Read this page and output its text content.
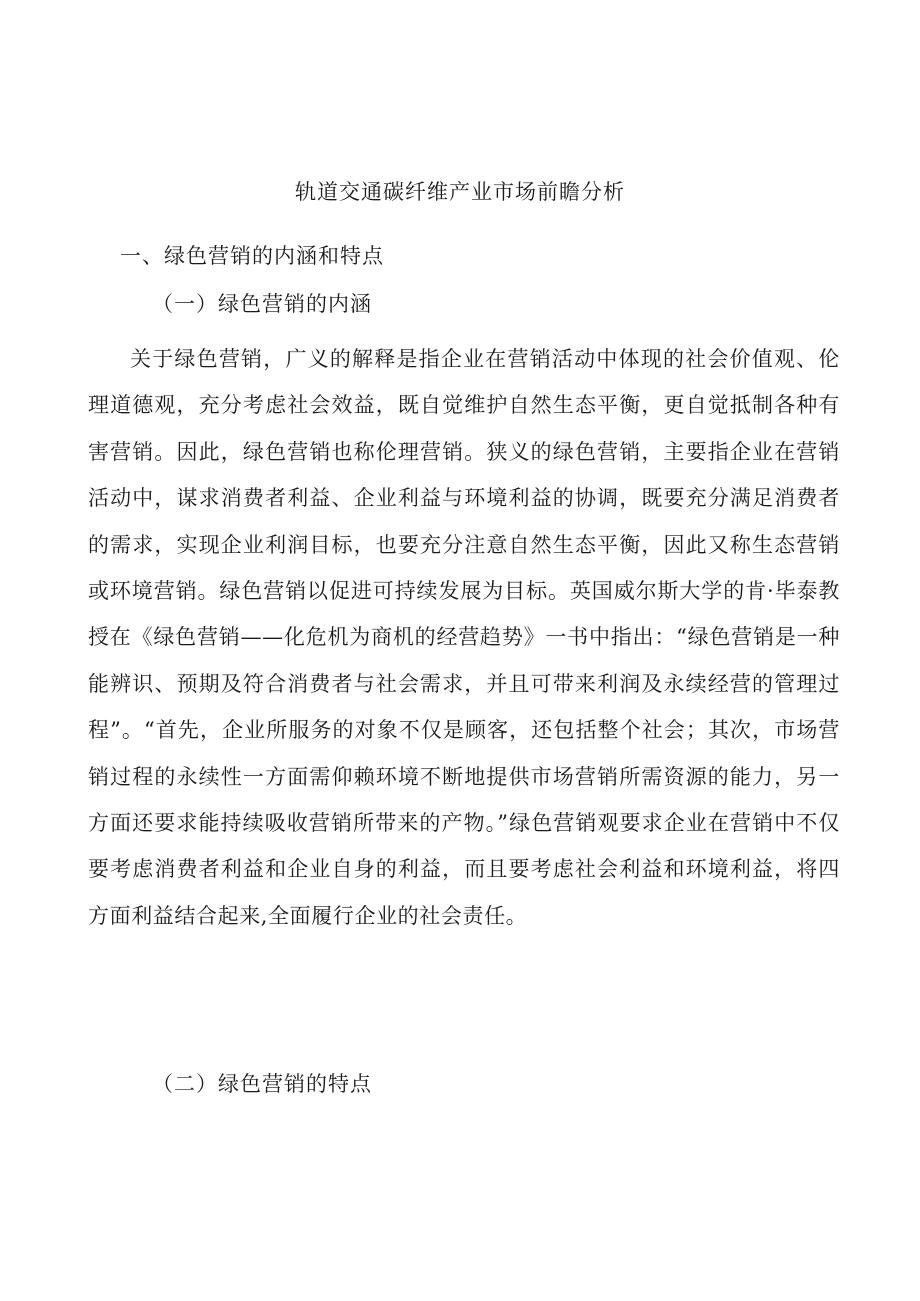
轨道交通碳纤维产业市场前瞻分析
一、绿色营销的内涵和特点
（一）绿色营销的内涵

关于绿色营销，广义的解释是指企业在营销活动中体现的社会价值观、伦理道德观，充分考虑社会效益，既自觉维护自然生态平衡，更自觉抵制各种有害营销。因此，绿色营销也称伦理营销。狭义的绿色营销，主要指企业在营销活动中，谋求消费者利益、企业利益与环境利益的协调，既要充分满足消费者的需求，实现企业利润目标，也要充分注意自然生态平衡，因此又称生态营销或环境营销。绿色营销以促进可持续发展为目标。英国威尔斯大学的肯·毕泰教授在《绿色营销——化危机为商机的经营趋势》一书中指出：“绿色营销是一种能辨识、预期及符合消费者与社会需求，并且可带来利润及永续经营的管理过程”。“首先，企业所服务的对象不仅是顾客，还包括整个社会；其次，市场营销过程的永续性一方面需仰赖环境不断地提供市场营销所需资源的能力，另一方面还要求能持续吸收营销所带来的产物。”绿色营销观要求企业在营销中不仅要考虑消费者利益和企业自身的利益，而且要考虑社会利益和环境利益，将四方面利益结合起来,全面履行企业的社会责任。

（二）绿色营销的特点
